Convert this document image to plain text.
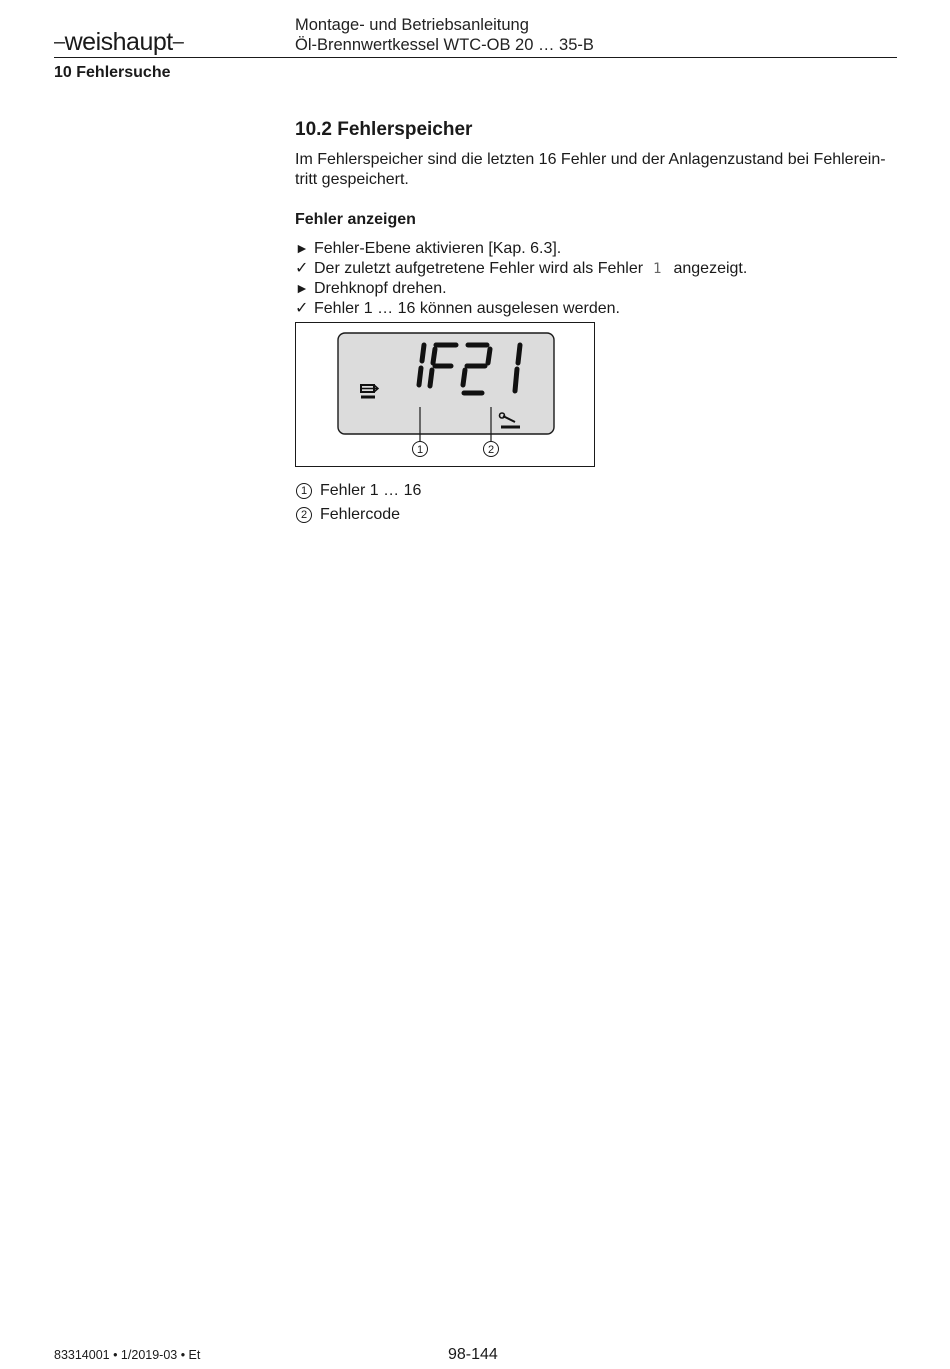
–weishaupt–
Montage- und Betriebsanleitung
Öl-Brennwertkessel WTC-OB 20 … 35-B
10 Fehlersuche
10.2 Fehlerspeicher
Im Fehlerspeicher sind die letzten 16 Fehler und der Anlagenzustand bei Fehlerein-
tritt gespeichert.
Fehler anzeigen
► Fehler-Ebene aktivieren [Kap. 6.3].
✓ Der zuletzt aufgetretene Fehler wird als Fehler 1 angezeigt.
► Drehknopf drehen.
✓ Fehler 1 … 16 können ausgelesen werden.
1	2
1 Fehler 1 … 16
2 Fehlercode
83314001 • 1/2019-03 • Et	98-144
